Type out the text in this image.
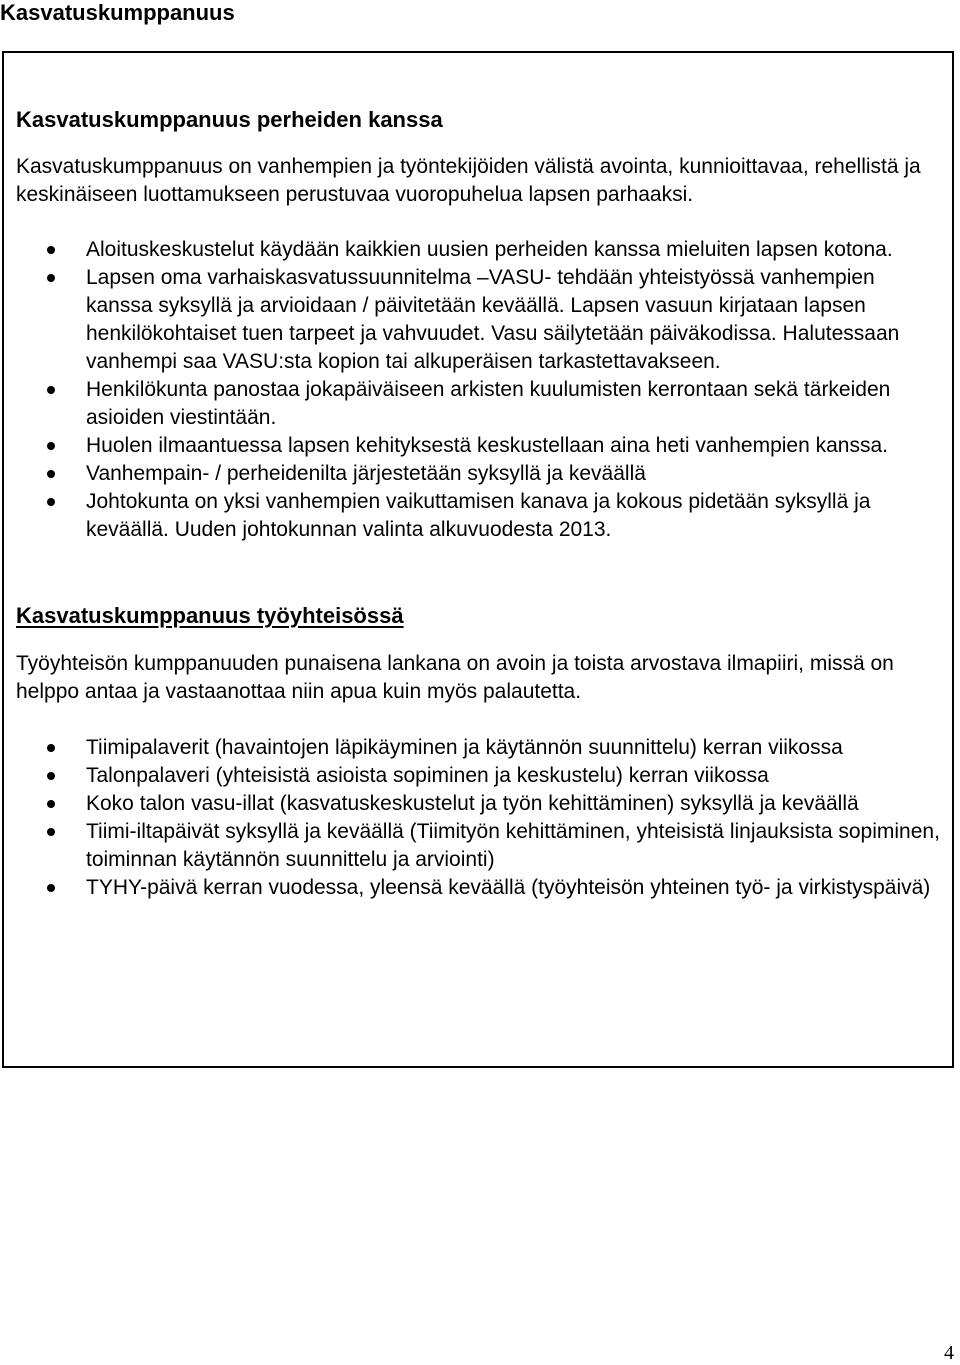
Kasvatuskumppanuus
Kasvatuskumppanuus perheiden kanssa

Kasvatuskumppanuus on vanhempien ja työntekijöiden välistä avointa, kunnioittavaa, rehellistä ja keskinäiseen luottamukseen perustuvaa vuoropuhelua lapsen parhaaksi.

Aloituskeskustelut käydään kaikkien uusien perheiden kanssa mieluiten lapsen kotona.
Lapsen oma varhaiskasvatussuunnitelma –VASU- tehdään yhteistyössä vanhempien kanssa syksyllä ja arvioidaan / päivitetään keväällä. Lapsen vasuun kirjataan lapsen henkilökohtaiset tuen tarpeet ja vahvuudet. Vasu säilytetään päiväkodissa. Halutessaan vanhempi saa VASU:sta kopion tai alkuperäisen tarkastettavakseen.
Henkilökunta panostaa jokapäiväiseen arkisten kuulumisten kerrontaan sekä tärkeiden asioiden viestintään.
Huolen ilmaantuessa lapsen kehityksestä keskustellaan aina heti vanhempien kanssa.
Vanhempain- / perheidenilta järjestetään syksyllä ja keväällä
Johtokunta on yksi vanhempien vaikuttamisen kanava ja kokous pidetään syksyllä ja keväällä. Uuden johtokunnan valinta alkuvuodesta 2013.
Kasvatuskumppanuus työyhteisössä

Työyhteisön kumppanuuden punaisena lankana on avoin ja toista arvostava ilmapiiri, missä on helppo antaa ja vastaanottaa niin apua kuin myös palautetta.

Tiimipalaverit (havaintojen läpikäyminen ja käytännön suunnittelu) kerran viikossa
Talonpalaveri (yhteisistä asioista sopiminen ja keskustelu) kerran viikossa
Koko talon vasu-illat (kasvatuskeskustelut ja työn kehittäminen) syksyllä ja keväällä
Tiimi-iltapäivät syksyllä ja keväällä (Tiimityön kehittäminen, yhteisistä linjauksista sopiminen, toiminnan käytännön suunnittelu ja arviointi)
TYHY-päivä kerran vuodessa, yleensä keväällä (työyhteisön yhteinen työ- ja virkistyspäivä)
4
